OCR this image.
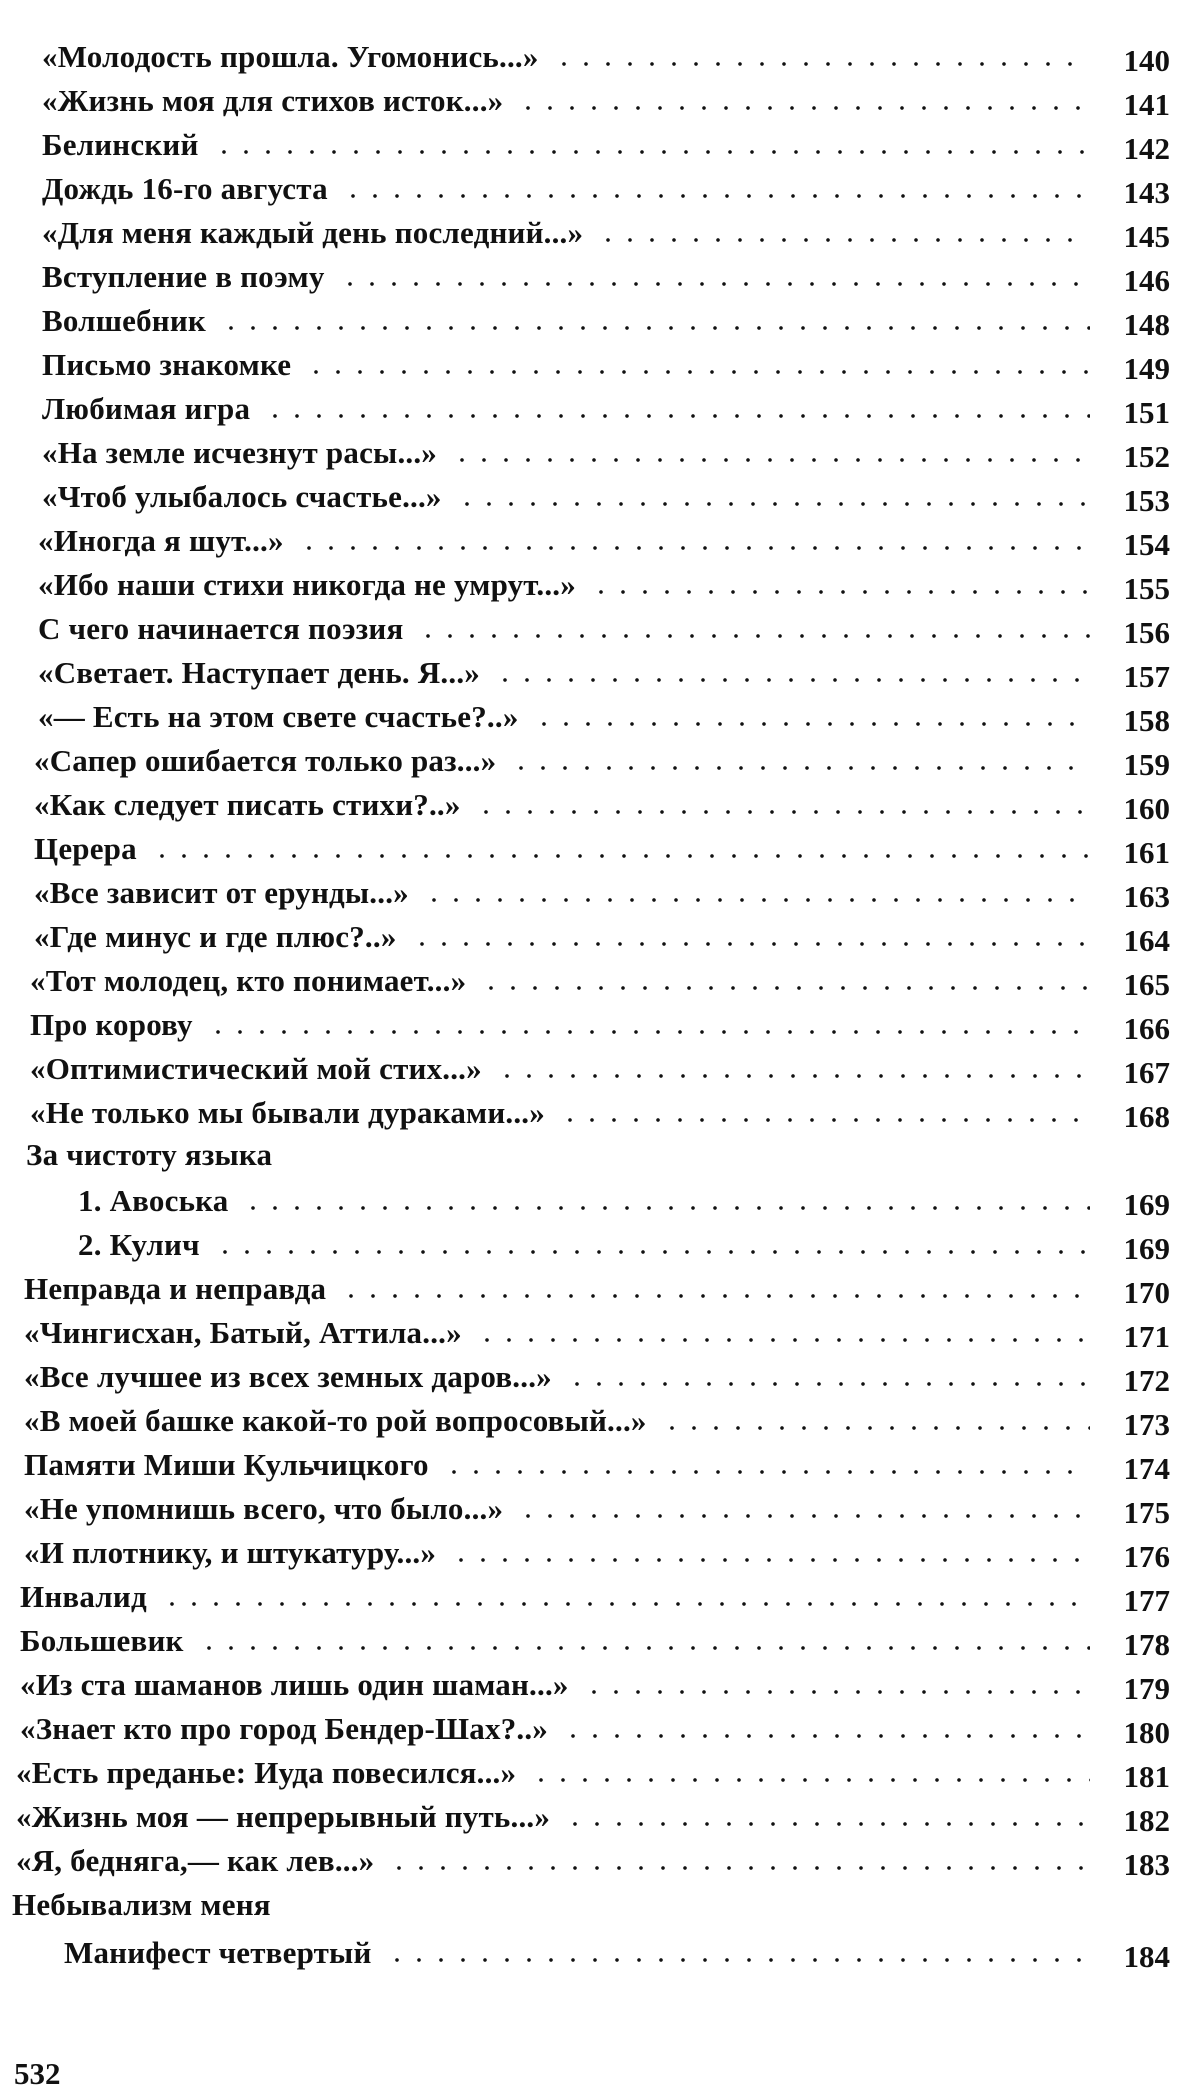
«Молодость прошла. Угомонись...»	140
«Жизнь моя для стихов исток...»	141
Белинский	142
Дождь 16-го августа	143
«Для меня каждый день последний...»	145
Вступление в поэму	146
Волшебник	148
Письмо знакомке	149
Любимая игра	151
«На земле исчезнут расы...»	152
«Чтоб улыбалось счастье...»	153
«Иногда я шут...»	154
«Ибо наши стихи никогда не умрут...»	155
С чего начинается поэзия	156
«Светает. Наступает день. Я...»	157
«— Есть на этом свете счастье?..»	158
«Сапер ошибается только раз...»	159
«Как следует писать стихи?..»	160
Церера	161
«Все зависит от ерунды...»	163
«Где минус и где плюс?..»	164
«Тот молодец, кто понимает...»	165
Про корову	166
«Оптимистический мой стих...»	167
«Не только мы бывали дураками...»	168
За чистоту языка
1. Авоська	169
2. Кулич	169
Неправда и неправда	170
«Чингисхан, Батый, Аттила...»	171
«Все лучшее из всех земных даров...»	172
«В моей башке какой-то рой вопросовый...»	173
Памяти Миши Кульчицкого	174
«Не упомнишь всего, что было...»	175
«И плотнику, и штукатуру...»	176
Инвалид	177
Большевик	178
«Из ста шаманов лишь один шаман...»	179
«Знает кто про город Бендер-Шах?..»	180
«Есть преданье: Иуда повесился...»	181
«Жизнь моя — непрерывный путь...»	182
«Я, бедняга,— как лев...»	183
Небывализм меня
Манифест четвертый	184
532
